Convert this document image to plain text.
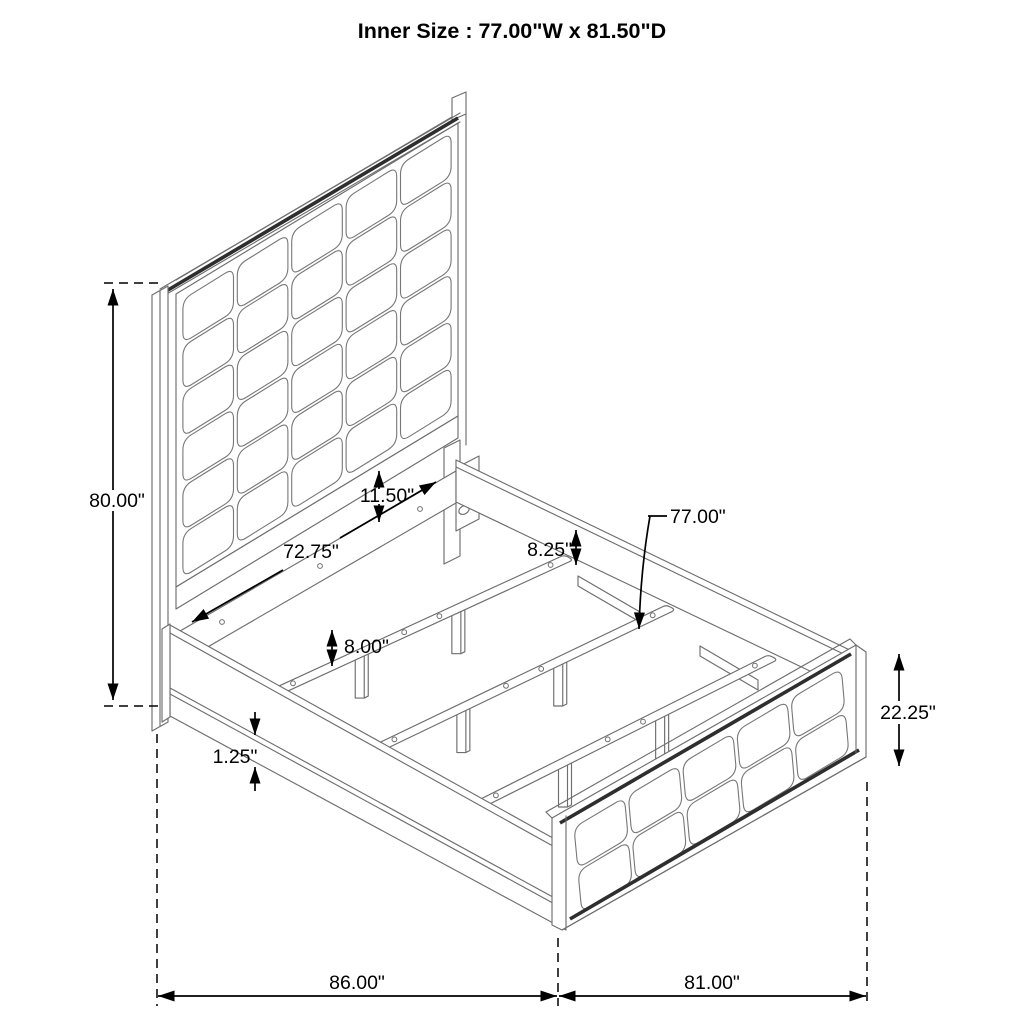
80.00"	11.50"
72.75"	8.25"
77.00"
8.00"
1.25"
22.25"
86.00"	81.00"
Inner Size : 77.00"W x 81.50"D
